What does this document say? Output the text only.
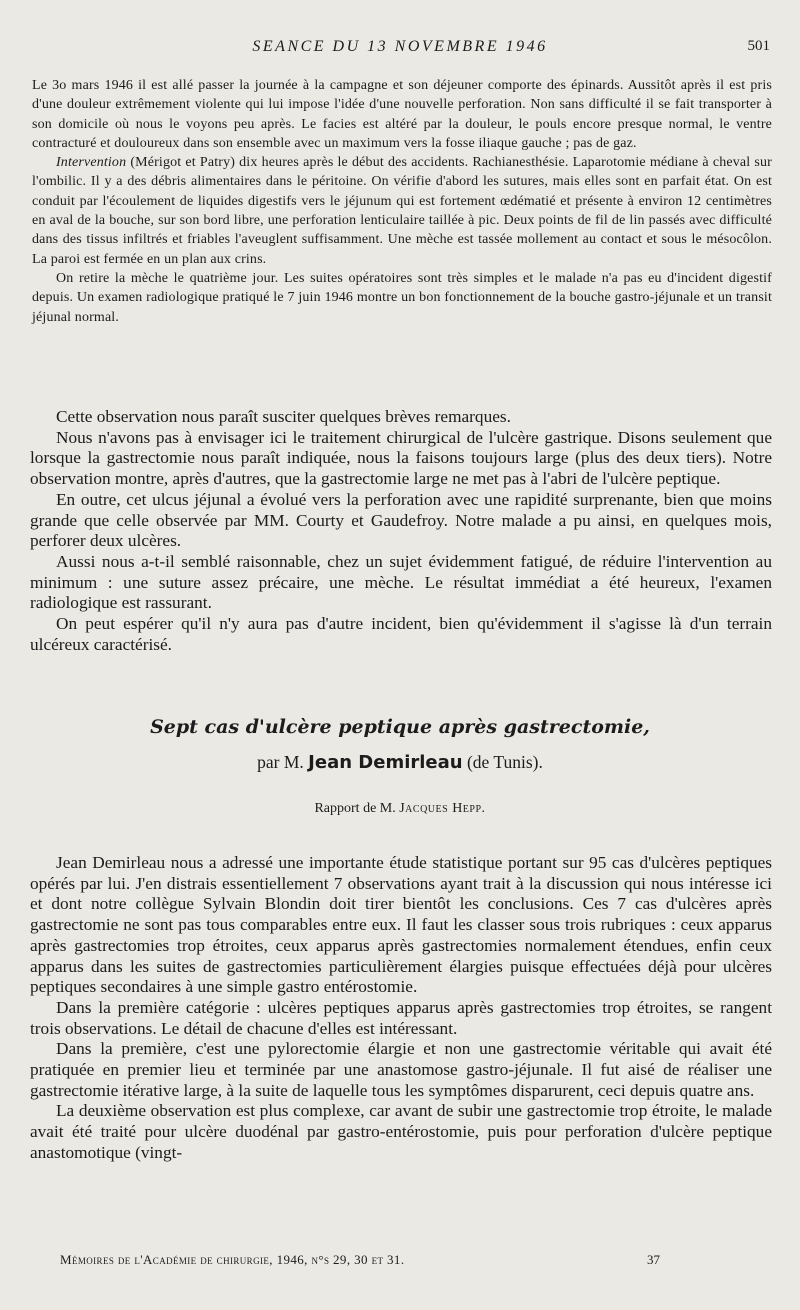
SEANCE DU 13 NOVEMBRE 1946	501

Le 3o mars 1946 il est allé passer la journée à la campagne et son déjeuner comporte des épinards. Aussitôt après il est pris d'une douleur extrêmement violente qui lui impose l'idée d'une nouvelle perforation. Non sans difficulté il se fait transporter à son domicile où nous le voyons peu après. Le facies est altéré par la douleur, le pouls encore presque normal, le ventre contracturé et douloureux dans son ensemble avec un maximum vers la fosse iliaque gauche ; pas de gaz.

Intervention (Mérigot et Patry) dix heures après le début des accidents. Rachianesthésie. Laparotomie médiane à cheval sur l'ombilic. Il y a des débris alimentaires dans le péritoine. On vérifie d'abord les sutures, mais elles sont en parfait état. On est conduit par l'écoulement de liquides digestifs vers le jéjunum qui est fortement œdématié et présente à environ 12 centimètres en aval de la bouche, sur son bord libre, une perforation lenticulaire taillée à pic. Deux points de fil de lin passés avec difficulté dans des tissus infiltrés et friables l'aveuglent suffisamment. Une mèche est tassée mollement au contact et sous le mésocôlon. La paroi est fermée en un plan aux crins.

On retire la mèche le quatrième jour. Les suites opératoires sont très simples et le malade n'a pas eu d'incident digestif depuis. Un examen radiologique pratiqué le 7 juin 1946 montre un bon fonctionnement de la bouche gastro-jéjunale et un transit jéjunal normal.

Cette observation nous paraît susciter quelques brèves remarques.

Nous n'avons pas à envisager ici le traitement chirurgical de l'ulcère gastrique. Disons seulement que lorsque la gastrectomie nous paraît indiquée, nous la faisons toujours large (plus des deux tiers). Notre observation montre, après d'autres, que la gastrectomie large ne met pas à l'abri de l'ulcère peptique.

En outre, cet ulcus jéjunal a évolué vers la perforation avec une rapidité surprenante, bien que moins grande que celle observée par MM. Courty et Gaudefroy. Notre malade a pu ainsi, en quelques mois, perforer deux ulcères.

Aussi nous a-t-il semblé raisonnable, chez un sujet évidemment fatigué, de réduire l'intervention au minimum : une suture assez précaire, une mèche. Le résultat immédiat a été heureux, l'examen radiologique est rassurant.

On peut espérer qu'il n'y aura pas d'autre incident, bien qu'évidemment il s'agisse là d'un terrain ulcéreux caractérisé.

Sept cas d'ulcère peptique après gastrectomie,
par M. Jean Demirleau (de Tunis).
Rapport de M. Jacques Hepp.

Jean Demirleau nous a adressé une importante étude statistique portant sur 95 cas d'ulcères peptiques opérés par lui. J'en distrais essentiellement 7 observations ayant trait à la discussion qui nous intéresse ici et dont notre collègue Sylvain Blondin doit tirer bientôt les conclusions. Ces 7 cas d'ulcères après gastrectomie ne sont pas tous comparables entre eux. Il faut les classer sous trois rubriques : ceux apparus après gastrectomies trop étroites, ceux apparus après gastrectomies normalement étendues, enfin ceux apparus dans les suites de gastrectomies particulièrement élargies puisque effectuées déjà pour ulcères peptiques secondaires à une simple gastro entérostomie.

Dans la première catégorie : ulcères peptiques apparus après gastrectomies trop étroites, se rangent trois observations. Le détail de chacune d'elles est intéressant.

Dans la première, c'est une pylorectomie élargie et non une gastrectomie véritable qui avait été pratiquée en premier lieu et terminée par une anastomose gastro-jéjunale. Il fut aisé de réaliser une gastrectomie itérative large, à la suite de laquelle tous les symptômes disparurent, ceci depuis quatre ans.

La deuxième observation est plus complexe, car avant de subir une gastrectomie trop étroite, le malade avait été traité pour ulcère duodénal par gastro-entérostomie, puis pour perforation d'ulcère peptique anastomotique (vingt-

Mémoires de l'Académie de chirurgie, 1946, n°s 29, 30 et 31.	37
